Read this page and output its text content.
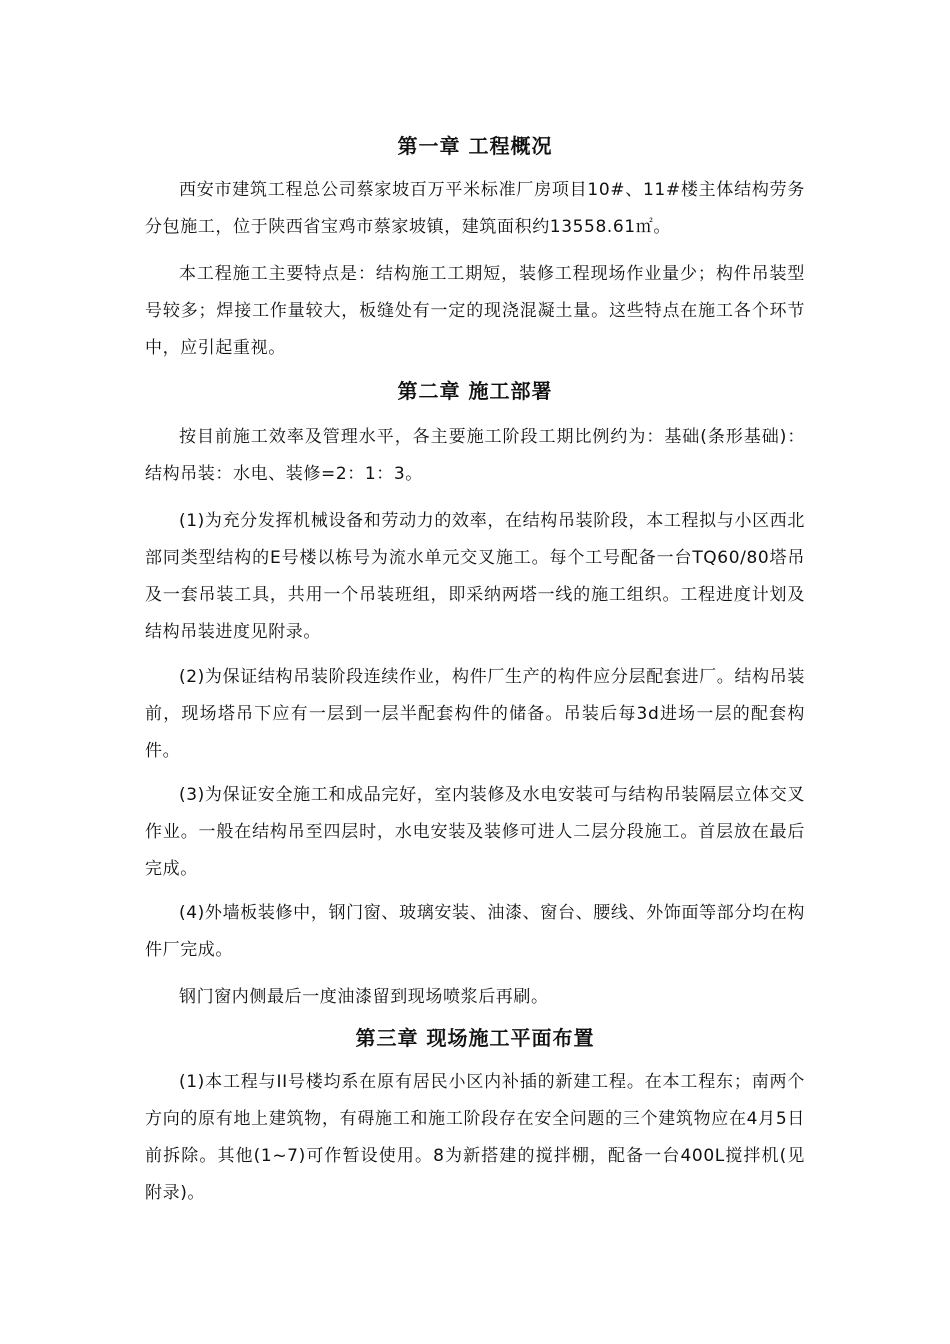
第一章 工程概况

西安市建筑工程总公司蔡家坡百万平米标准厂房项目10#、11#楼主体结构劳务分包施工，位于陕西省宝鸡市蔡家坡镇，建筑面积约13558.61㎡。

本工程施工主要特点是：结构施工工期短，装修工程现场作业量少；构件吊装型号较多；焊接工作量较大，板缝处有一定的现浇混凝土量。这些特点在施工各个环节中，应引起重视。

第二章 施工部署

按目前施工效率及管理水平，各主要施工阶段工期比例约为：基础(条形基础)：结构吊装：水电、装修=2：1：3。

(1)为充分发挥机械设备和劳动力的效率，在结构吊装阶段，本工程拟与小区西北部同类型结构的E号楼以栋号为流水单元交叉施工。每个工号配备一台TQ60/80塔吊及一套吊装工具，共用一个吊装班组，即采纳两塔一线的施工组织。工程进度计划及结构吊装进度见附录。

(2)为保证结构吊装阶段连续作业，构件厂生产的构件应分层配套进厂。结构吊装前，现场塔吊下应有一层到一层半配套构件的储备。吊装后每3d进场一层的配套构件。

(3)为保证安全施工和成品完好，室内装修及水电安装可与结构吊装隔层立体交叉作业。一般在结构吊至四层时，水电安装及装修可进人二层分段施工。首层放在最后完成。

(4)外墙板装修中，钢门窗、玻璃安装、油漆、窗台、腰线、外饰面等部分均在构件厂完成。

钢门窗内侧最后一度油漆留到现场喷浆后再刷。

第三章 现场施工平面布置

(1)本工程与II号楼均系在原有居民小区内补插的新建工程。在本工程东；南两个方向的原有地上建筑物，有碍施工和施工阶段存在安全问题的三个建筑物应在4月5日前拆除。其他(1~7)可作暂设使用。8为新搭建的搅拌棚，配备一台400L搅拌机(见附录)。
